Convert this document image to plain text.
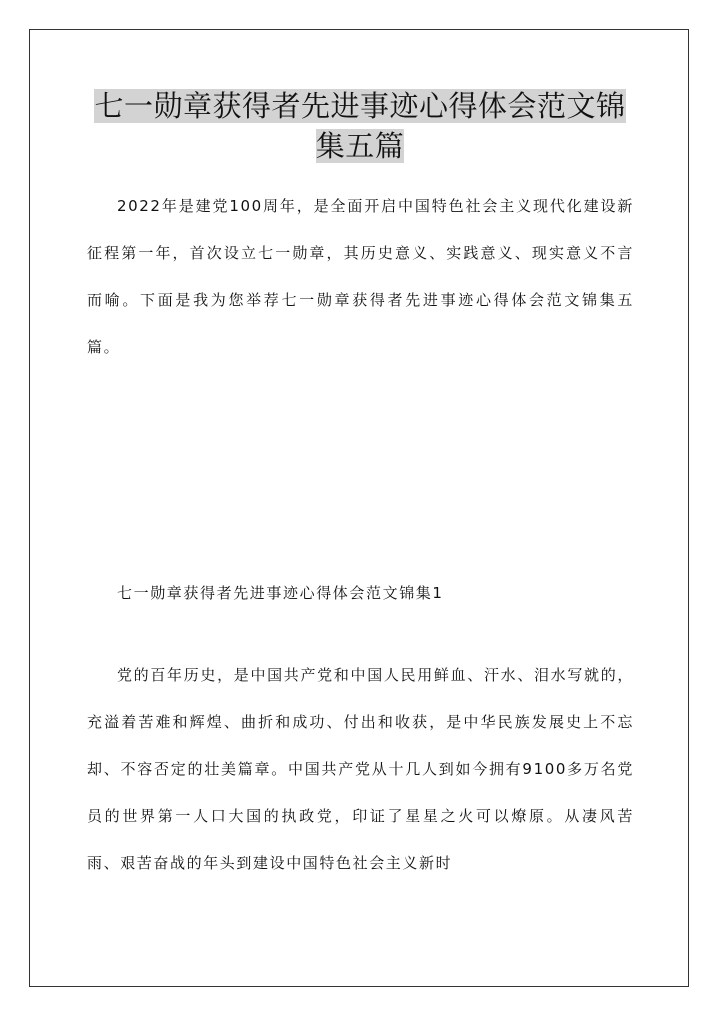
七一勋章获得者先进事迹心得体会范文锦集五篇

2022年是建党100周年，是全面开启中国特色社会主义现代化建设新征程第一年，首次设立七一勋章，其历史意义、实践意义、现实意义不言而喻。下面是我为您举荐七一勋章获得者先进事迹心得体会范文锦集五篇。

七一勋章获得者先进事迹心得体会范文锦集1

党的百年历史，是中国共产党和中国人民用鲜血、汗水、泪水写就的，充溢着苦难和辉煌、曲折和成功、付出和收获，是中华民族发展史上不忘却、不容否定的壮美篇章。中国共产党从十几人到如今拥有9100多万名党员的世界第一人口大国的执政党，印证了星星之火可以燎原。从凄风苦雨、艰苦奋战的年头到建设中国特色社会主义新时
